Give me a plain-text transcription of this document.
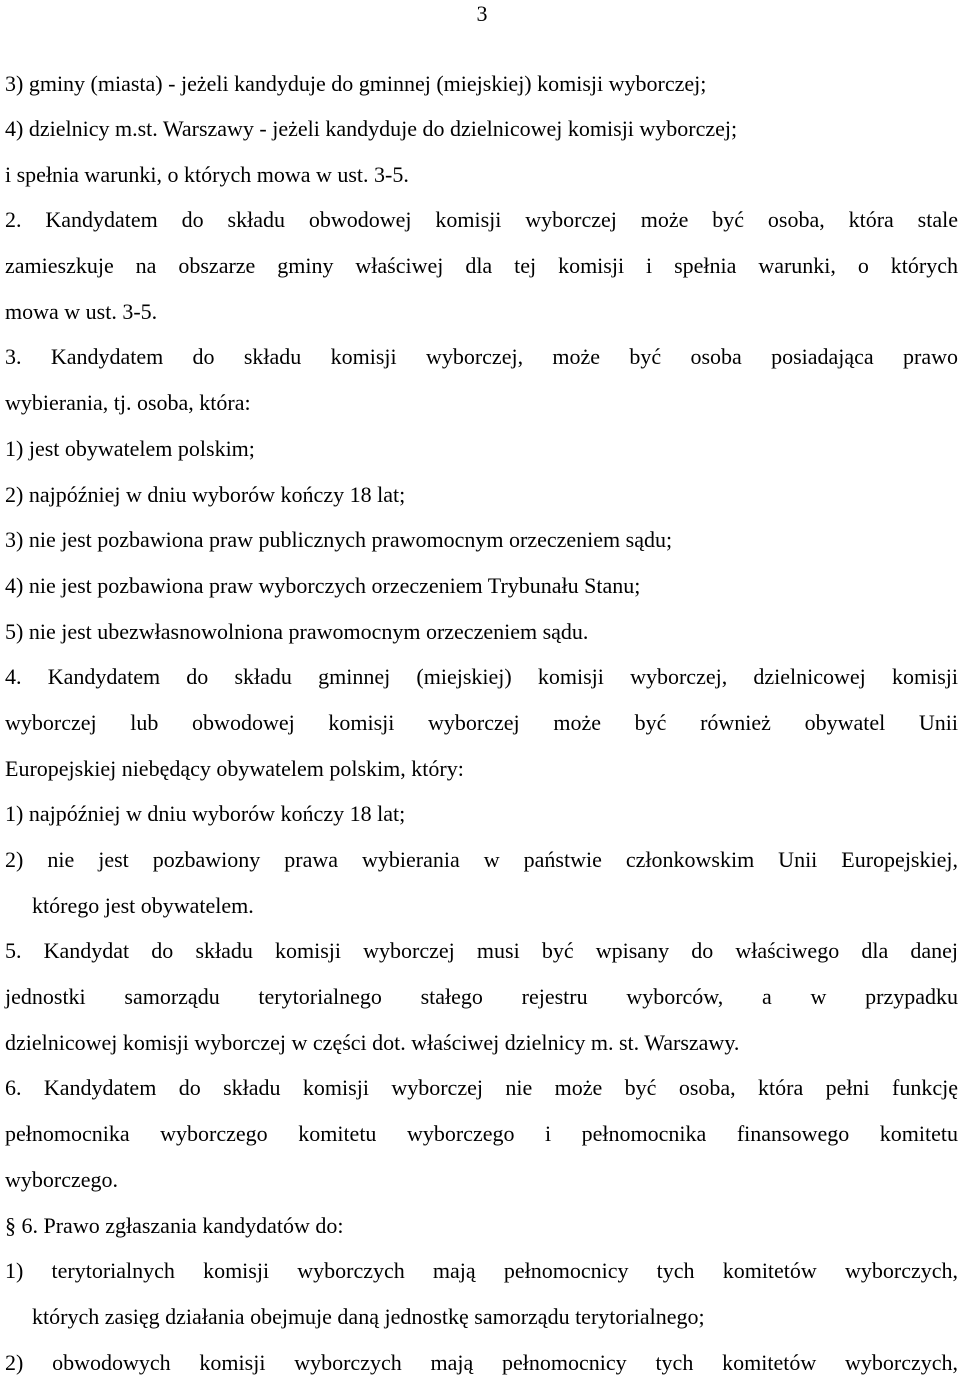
3
3) gminy (miasta) - jeżeli kandyduje do gminnej (miejskiej) komisji wyborczej;
4) dzielnicy m.st. Warszawy - jeżeli kandyduje do dzielnicowej komisji wyborczej;
i spełnia warunki, o których mowa w ust. 3-5.
2. Kandydatem do składu obwodowej komisji wyborczej może być osoba, która stale
zamieszkuje na obszarze gminy właściwej dla tej komisji i spełnia warunki, o których
mowa w ust. 3-5.
3. Kandydatem do składu komisji wyborczej, może być osoba posiadająca prawo
wybierania, tj. osoba, która:
1) jest obywatelem polskim;
2) najpóźniej w dniu wyborów kończy 18 lat;
3) nie jest pozbawiona praw publicznych prawomocnym orzeczeniem sądu;
4) nie jest pozbawiona praw wyborczych orzeczeniem Trybunału Stanu;
5) nie jest ubezwłasnowolniona prawomocnym orzeczeniem sądu.
4. Kandydatem do składu gminnej (miejskiej) komisji wyborczej, dzielnicowej komisji
wyborczej lub obwodowej komisji wyborczej może być również obywatel Unii
Europejskiej niebędący obywatelem polskim, który:
1) najpóźniej w dniu wyborów kończy 18 lat;
2) nie jest pozbawiony prawa wybierania w państwie członkowskim Unii Europejskiej,
którego jest obywatelem.
5. Kandydat do składu komisji wyborczej musi być wpisany do właściwego dla danej
jednostki samorządu terytorialnego stałego rejestru wyborców, a w przypadku
dzielnicowej komisji wyborczej w części dot. właściwej dzielnicy m. st. Warszawy.
6. Kandydatem do składu komisji wyborczej nie może być osoba, która pełni funkcję
pełnomocnika wyborczego komitetu wyborczego i pełnomocnika finansowego komitetu
wyborczego.
§ 6. Prawo zgłaszania kandydatów do:
1) terytorialnych komisji wyborczych mają pełnomocnicy tych komitetów wyborczych,
których zasięg działania obejmuje daną jednostkę samorządu terytorialnego;
2) obwodowych komisji wyborczych mają pełnomocnicy tych komitetów wyborczych,
